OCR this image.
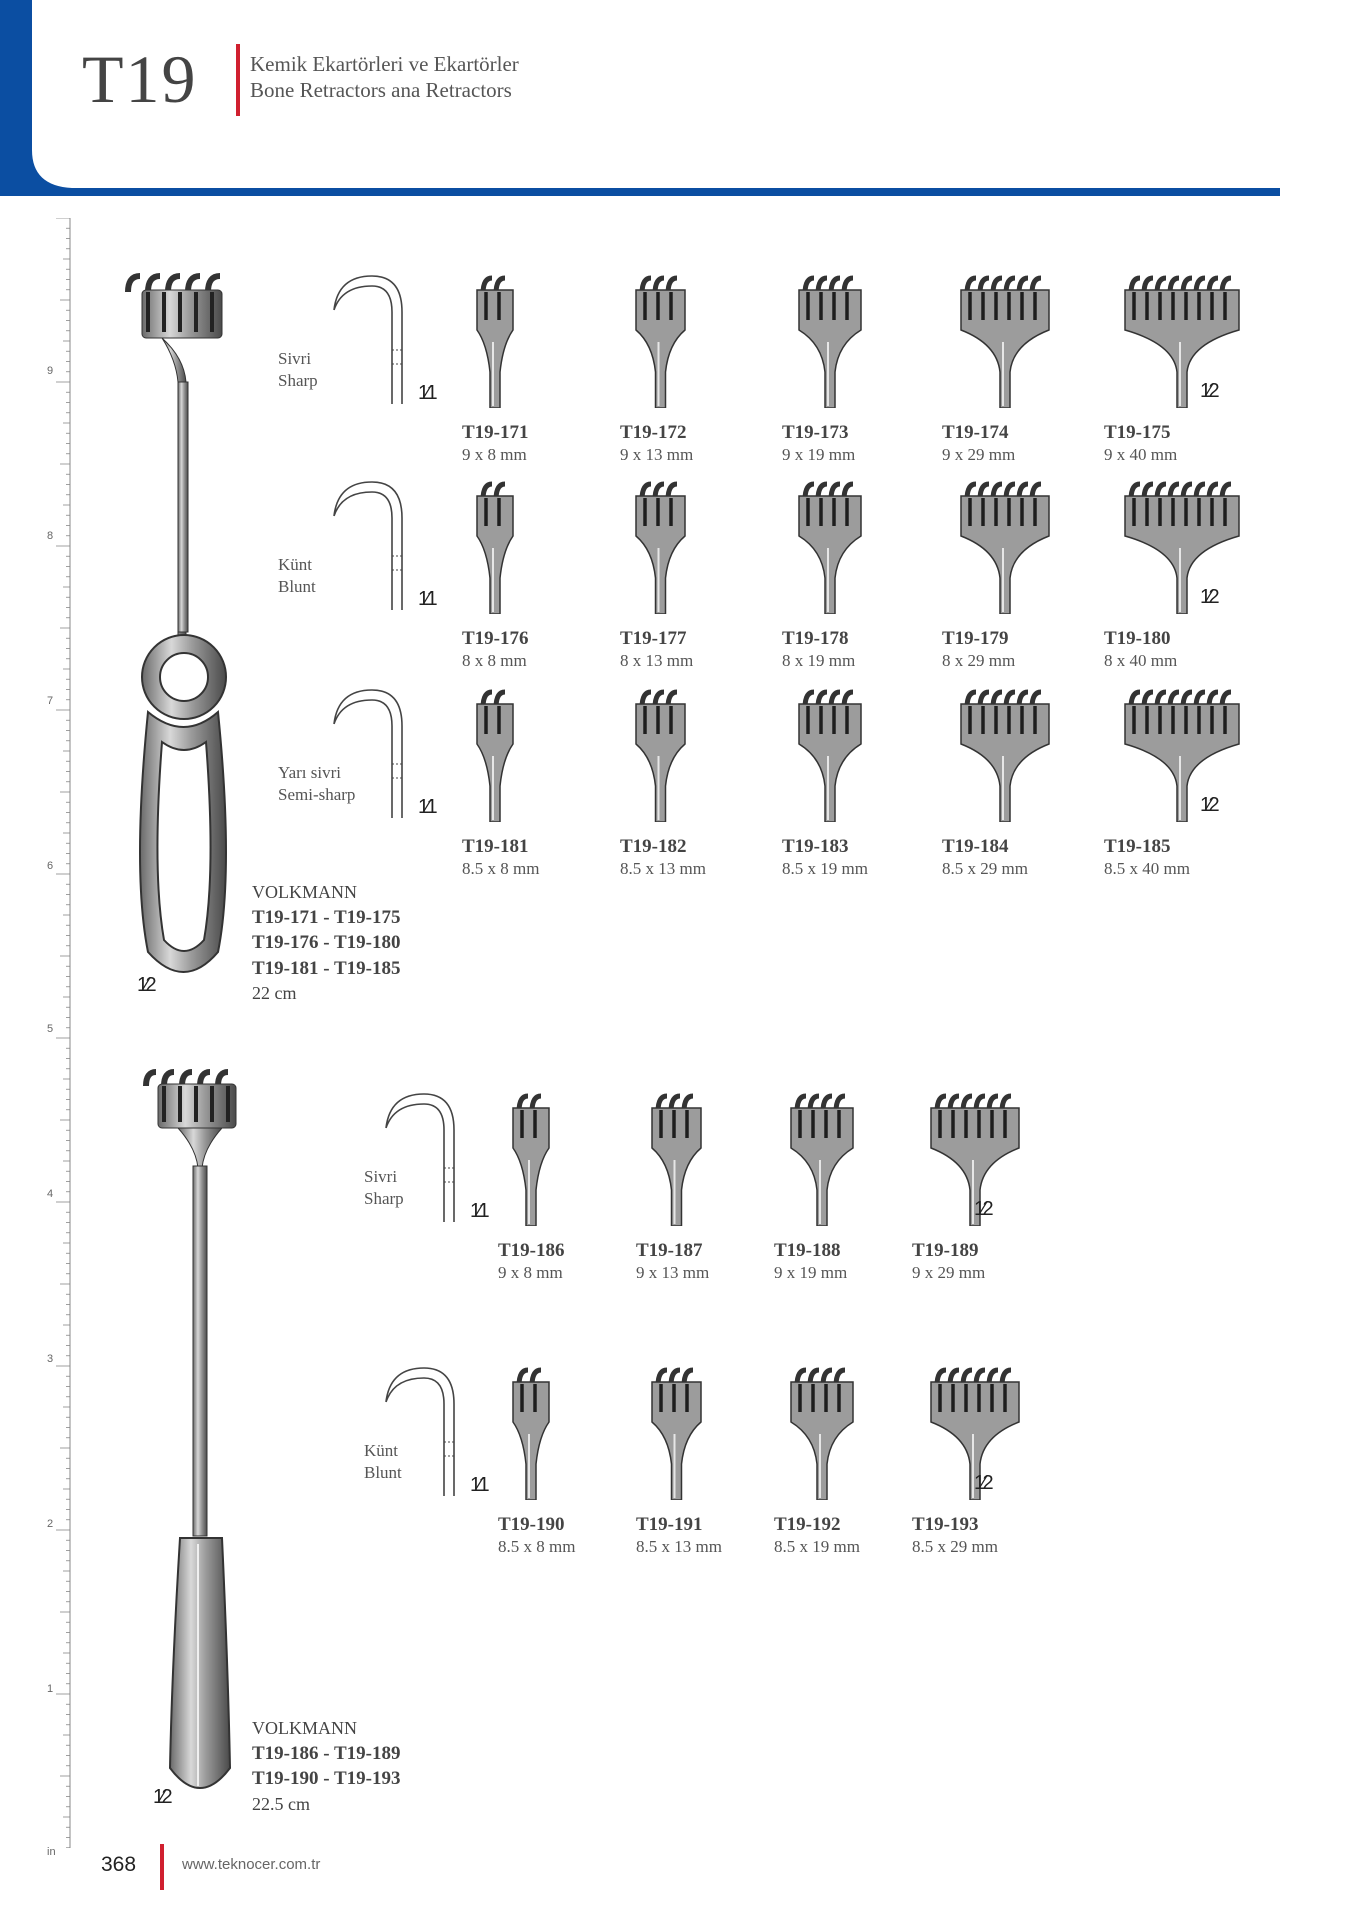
T19 Kemik Ekartörleri ve Ekartörler
Bone Retractors ana Retractors
9
8
7
6
5
4
3
2
1
in
1⁄2
VOLKMANN
T19-171 - T19-175
T19-176 - T19-180
T19-181 - T19-185
22 cm
1⁄2
VOLKMANN
T19-186 - T19-189
T19-190 - T19-193
22.5 cm
Sivri
Sharp
1⁄1
T19-171
9 x 8 mm
T19-172
9 x 13 mm
T19-173
9 x 19 mm
T19-174
9 x 29 mm
T19-175
9 x 40 mm
1⁄2
Künt
Blunt
1⁄1
T19-176
8 x 8 mm
T19-177
8 x 13 mm
T19-178
8 x 19 mm
T19-179
8 x 29 mm
T19-180
8 x 40 mm
1⁄2
Yarı sivri
Semi-sharp
1⁄1
T19-181
8.5 x 8 mm
T19-182
8.5 x 13 mm
T19-183
8.5 x 19 mm
T19-184
8.5 x 29 mm
T19-185
8.5 x 40 mm
1⁄2
Sivri
Sharp
1⁄1
T19-186
9 x 8 mm
T19-187
9 x 13 mm
T19-188
9 x 19 mm
T19-189
9 x 29 mm
1⁄2
Künt
Blunt
1⁄1
T19-190
8.5 x 8 mm
T19-191
8.5 x 13 mm
T19-192
8.5 x 19 mm
T19-193
8.5 x 29 mm
1⁄2
368	www.teknocer.com.tr
